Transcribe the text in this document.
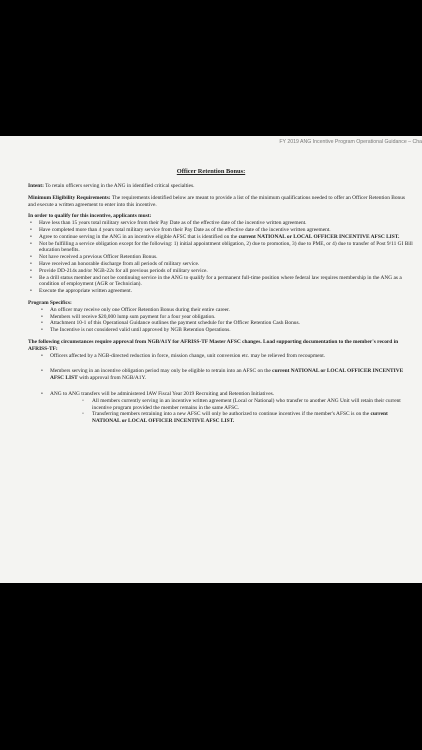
FY 2019 ANG Incentive Program Operational Guidance – Cha
Officer Retention Bonus:

Intent: To retain officers serving in the ANG in identified critical specialties.

Minimum Eligibility Requirements: The requirements identified below are meant to provide a list of the minimum qualifications needed to offer an Officer Retention Bonus and execute a written agreement to enter into this incentive.

In order to qualify for this incentive, applicants must:

• Have less than 15 years total military service from their Pay Date as of the effective date of the incentive written agreement.
• Have completed more than 4 years total military service from their Pay Date as of the effective date of the incentive written agreement.
• Agree to continue serving in the ANG in an incentive eligible AFSC that is identified on the current NATIONAL or LOCAL OFFICER INCENTIVE AFSC LIST.
• Not be fulfilling a service obligation except for the following: 1) initial appointment obligation, 2) due to promotion, 3) due to PME, or 4) due to transfer of Post 9/11 GI Bill education benefits.
• Not have received a previous Officer Retention Bonus.
• Have received an honorable discharge from all periods of military service.
• Provide DD-214s and/or NGB-22s for all previous periods of military service.
• Be a drill status member and not be continuing service in the ANG to qualify for a permanent full-time position where federal law requires membership in the ANG as a condition of employment (AGR or Technician).
• Execute the appropriate written agreement.

Program Specifics:

• An officer may receive only one Officer Retention Bonus during their entire career.
• Members will receive $20,000 lump sum payment for a four year obligation.
• Attachment 10-1 of this Operational Guidance outlines the payment schedule for the Officer Retention Cash Bonus.
• The Incentive is not considered valid until approved by NGB Retention Operations.

The following circumstances require approval from NGB/A1Y for AFRISS-TF Master AFSC changes. Load supporting documentation to the member's record in AFRISS-TF:

• Officers affected by a NGB-directed reduction in force, mission change, unit conversion etc. may be relieved from recoupment.
• Members serving in an incentive obligation period may only be eligible to retrain into an AFSC on the current NATIONAL or LOCAL OFFICER INCENTIVE AFSC LIST with approval from NGB/A1Y.
• ANG to ANG transfers will be administered IAW Fiscal Year 2019 Recruiting and Retention Initiatives.
◦ All members currently serving in an incentive written agreement (Local or National) who transfer to another ANG Unit will retain their current incentive program provided the member remains in the same AFSC.
◦ Transferring members retraining into a new AFSC will only be authorized to continue incentives if the member's AFSC is on the current NATIONAL or LOCAL OFFICER INCENTIVE AFSC LIST.
